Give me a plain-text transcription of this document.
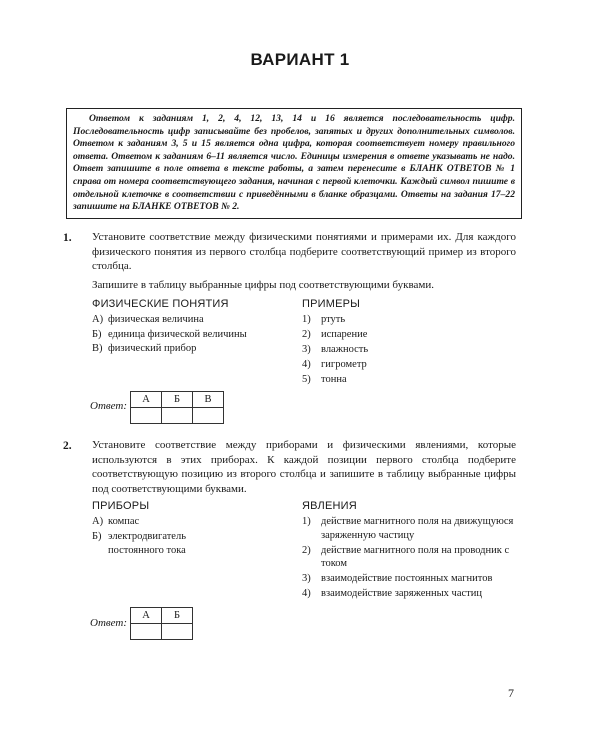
ВАРИАНТ 1
Ответом к заданиям 1, 2, 4, 12, 13, 14 и 16 является последовательность цифр. Последовательность цифр записывайте без пробелов, запятых и других дополнительных символов. Ответом к заданиям 3, 5 и 15 является одна цифра, которая соответствует номеру правильного ответа. Ответом к заданиям 6–11 является число. Единицы измерения в ответе указывать не надо. Ответ запишите в поле ответа в тексте работы, а затем перенесите в БЛАНК ОТВЕТОВ № 1 справа от номера соответствующего задания, начиная с первой клеточки. Каждый символ пишите в отдельной клеточке в соответствии с приведёнными в бланке образцами. Ответы на задания 17–22 запишите на БЛАНКЕ ОТВЕТОВ № 2.
1. Установите соответствие между физическими понятиями и примерами их. Для каждого физического понятия из первого столбца подберите соответствующий пример из второго столбца.
Запишите в таблицу выбранные цифры под соответствующими буквами.
ФИЗИЧЕСКИЕ ПОНЯТИЯ
А) физическая величина
Б) единица физической величины
В) физический прибор
ПРИМЕРЫ
1) ртуть
2) испарение
3) влажность
4) гигрометр
5) тонна
Ответ:
А	Б	В

2. Установите соответствие между приборами и физическими явлениями, которые используются в этих приборах. К каждой позиции первого столбца подберите соответствующую позицию из второго столбца и запишите в таблицу выбранные цифры под соответствующими буквами.
ПРИБОРЫ
А) компас
Б) электродвигатель постоянного тока
ЯВЛЕНИЯ
1) действие магнитного поля на движущуюся заряженную частицу
2) действие магнитного поля на проводник с током
3) взаимодействие постоянных магнитов
4) взаимодействие заряженных частиц
Ответ:
А	Б

7
